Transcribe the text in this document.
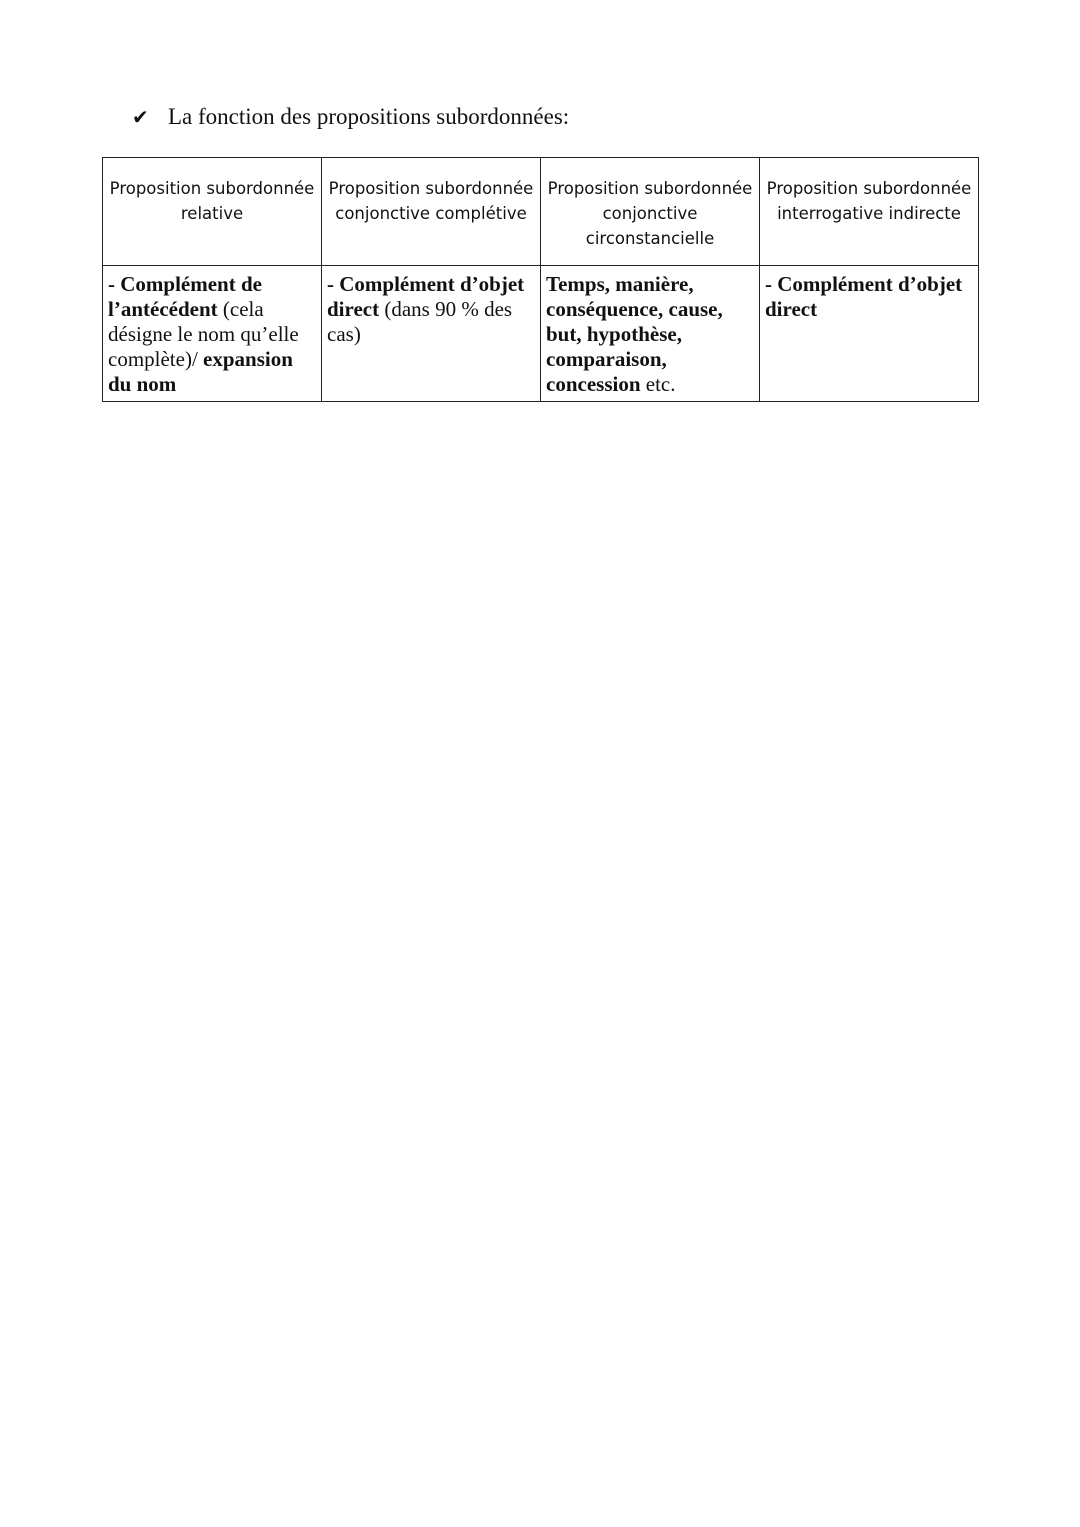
✔ La fonction des propositions subordonnées:
Proposition subordonnée relative	Proposition subordonnée conjonctive complétive	Proposition subordonnée conjonctive circonstancielle	Proposition subordonnée interrogative indirecte
- Complément de l’antécédent (cela désigne le nom qu’elle complète)/ expansion du nom	- Complément d’objet direct (dans 90 % des cas)	Temps, manière, conséquence, cause, but, hypothèse, comparaison, concession etc.	- Complément d’objet direct
